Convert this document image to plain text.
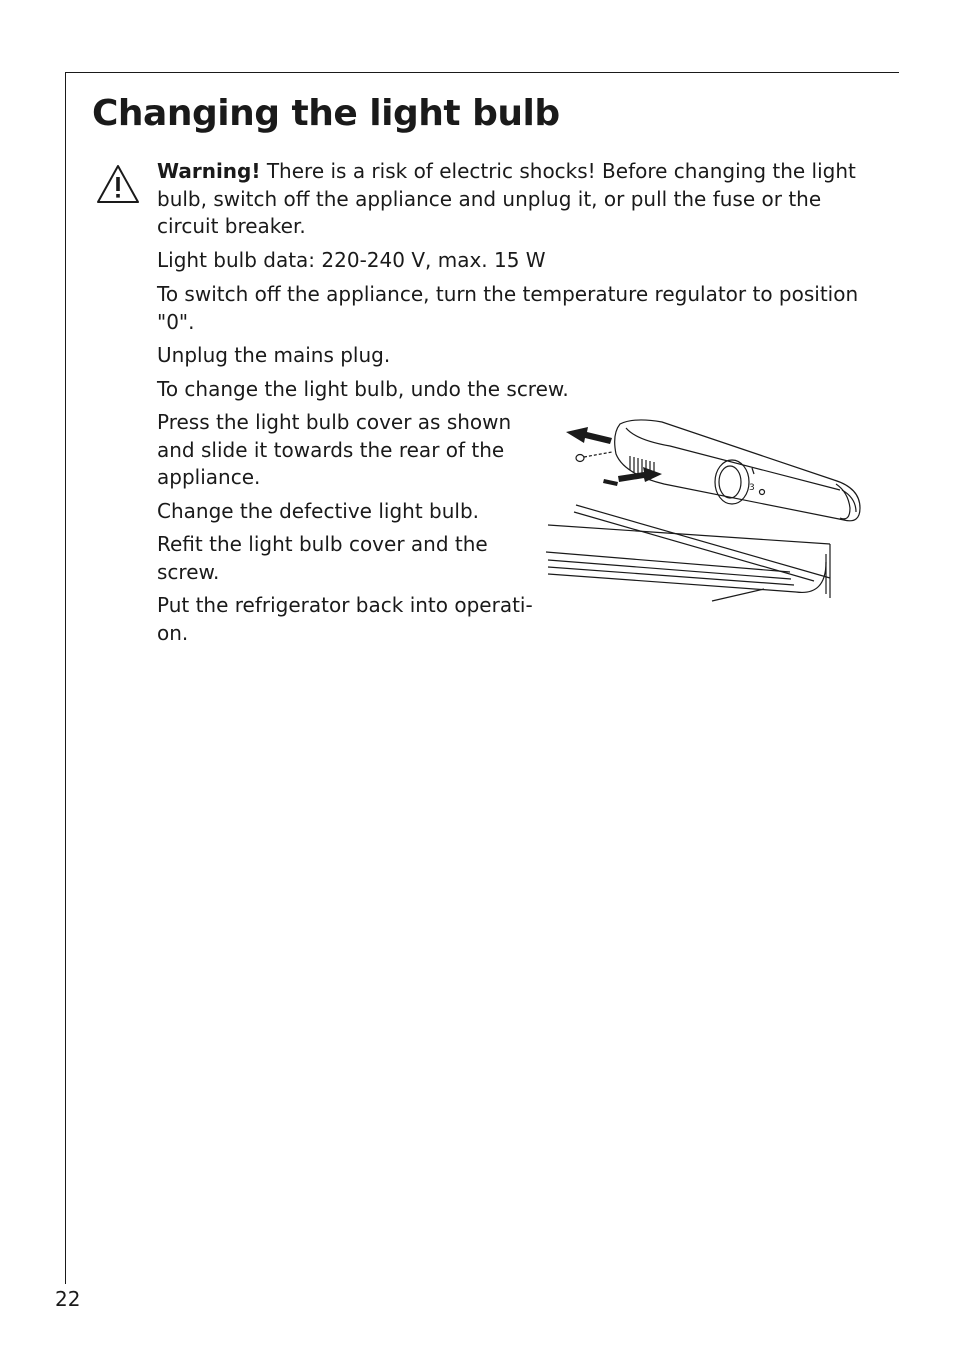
Changing the light bulb

Warning! There is a risk of electric shocks! Before changing the light bulb, switch off the appliance and unplug it, or pull the fuse or the circuit breaker.

Light bulb data: 220-240 V, max. 15 W

To switch off the appliance, turn the temperature regulator to position "0".

Unplug the mains plug.

To change the light bulb, undo the screw.

Press the light bulb cover as shown and slide it towards the rear of the appliance.

Change the defective light bulb.

Refit the light bulb cover and the screw.

Put the refrigerator back into operati-on.

3
22
